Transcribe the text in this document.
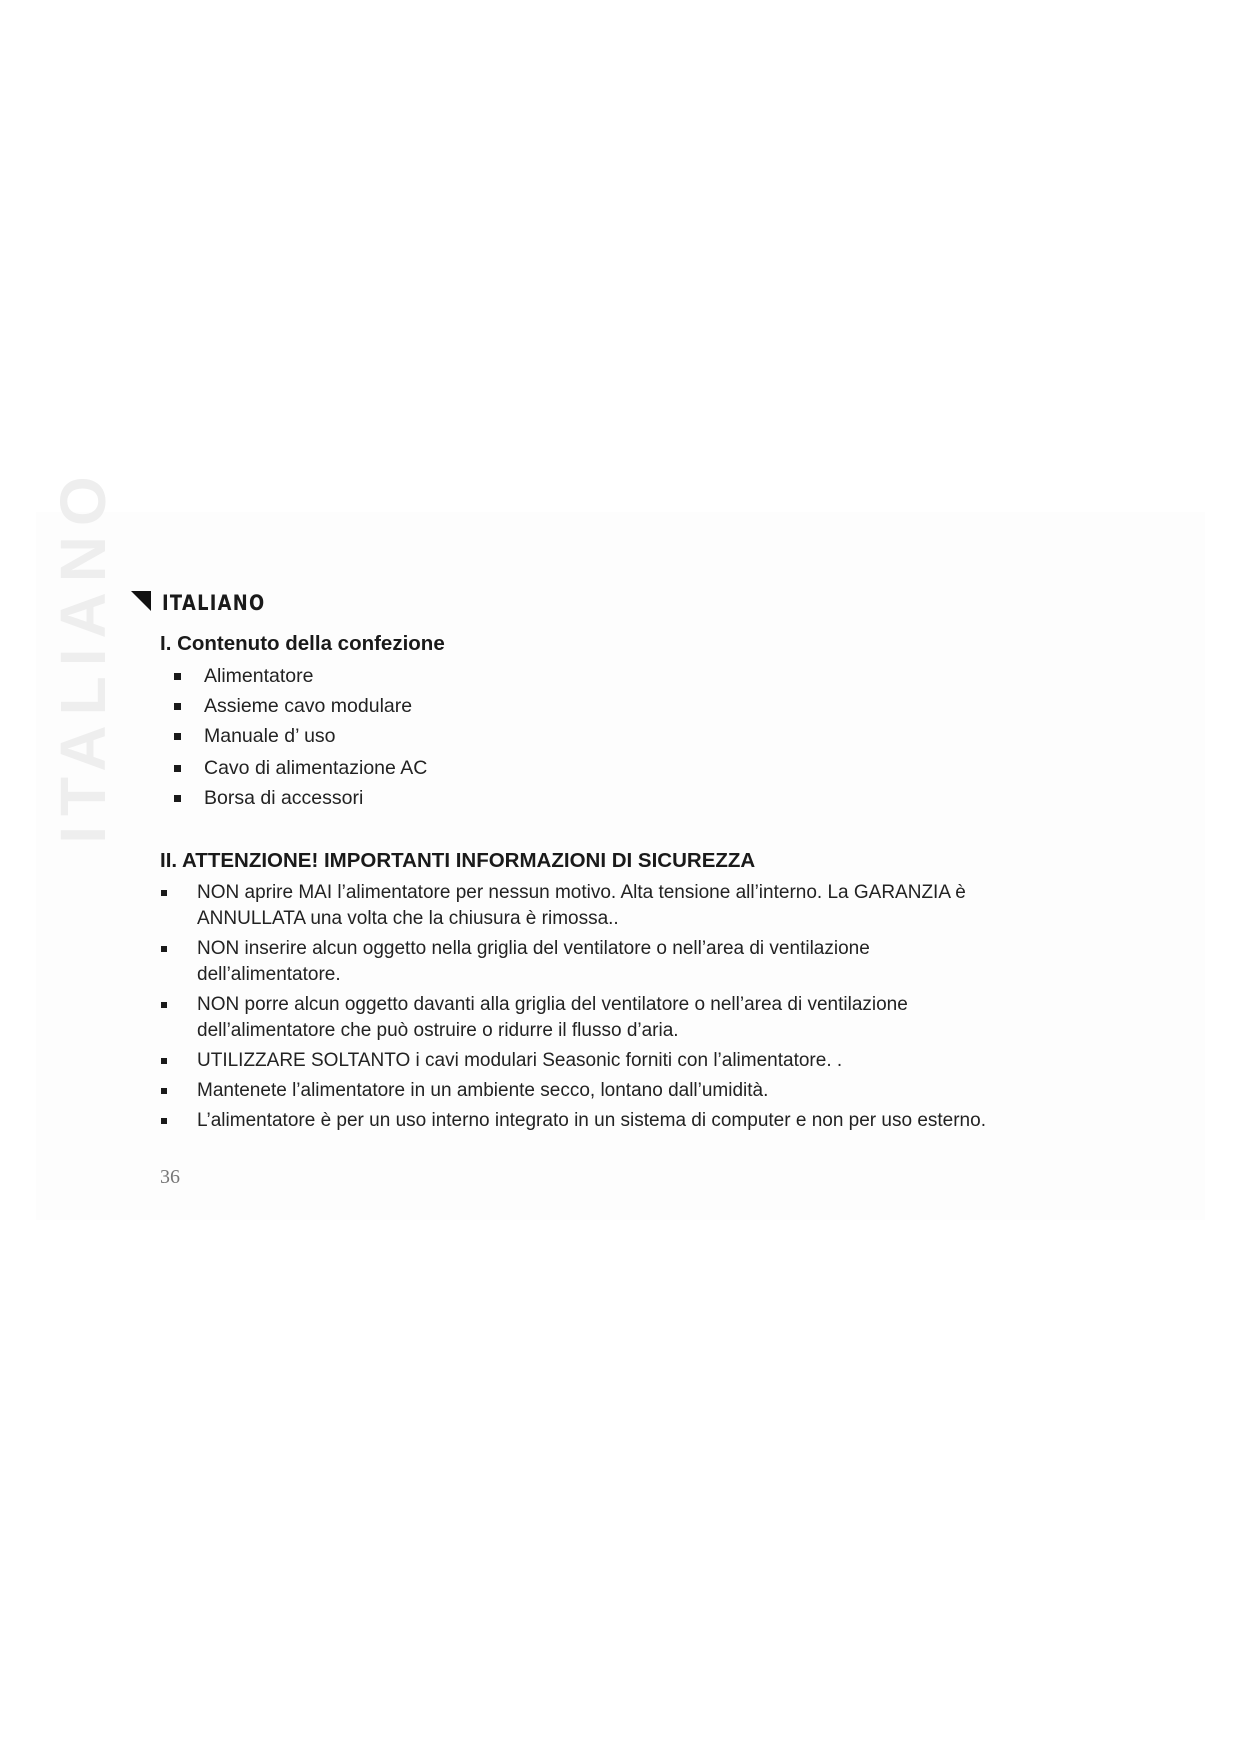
ITALIANO ITALIANO
I. Contenuto della confezione
Alimentatore
Assieme cavo modulare
Manuale d’ uso
Cavo di alimentazione AC
Borsa di accessori
II. ATTENZIONE! IMPORTANTI INFORMAZIONI DI SICUREZZA
NON aprire MAI l’alimentatore per nessun motivo. Alta tensione all’interno. La GARANZIA è
ANNULLATA una volta che la chiusura è rimossa..
NON inserire alcun oggetto nella griglia del ventilatore o nell’area di ventilazione
dell’alimentatore.
NON porre alcun oggetto davanti alla griglia del ventilatore o nell’area di ventilazione
dell’alimentatore che può ostruire o ridurre il flusso d’aria.
UTILIZZARE SOLTANTO i cavi modulari Seasonic forniti con l’alimentatore. .
Mantenete l’alimentatore in un ambiente secco, lontano dall’umidità.
L’alimentatore è per un uso interno integrato in un sistema di computer e non per uso esterno.
36
